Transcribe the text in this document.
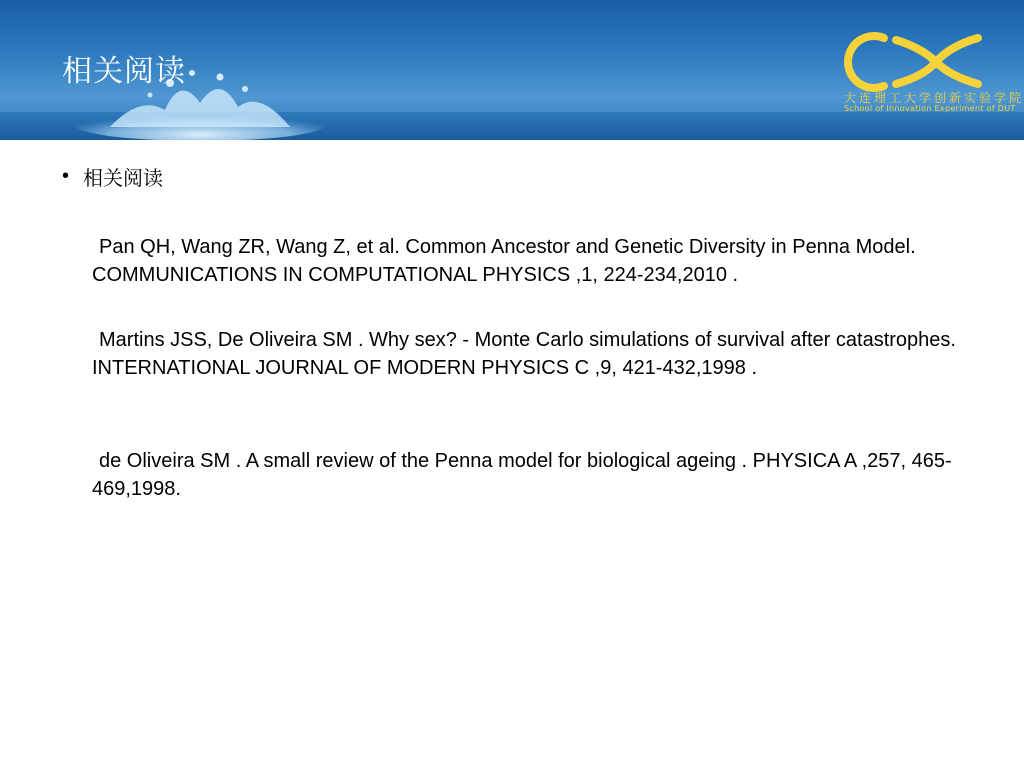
相关阅读
大连理工大学创新实验学院
School of Innovation Experiment of DUT
• 相关阅读

Pan QH, Wang ZR, Wang Z, et al. Common Ancestor and Genetic Diversity in Penna Model. COMMUNICATIONS IN COMPUTATIONAL PHYSICS ,1, 224-234,2010 .

Martins JSS, De Oliveira SM . Why sex? - Monte Carlo simulations of survival after catastrophes. INTERNATIONAL JOURNAL OF MODERN PHYSICS C ,9, 421-432,1998 .

de Oliveira SM . A small review of the Penna model for biological ageing . PHYSICA A ,257, 465-469,1998.
